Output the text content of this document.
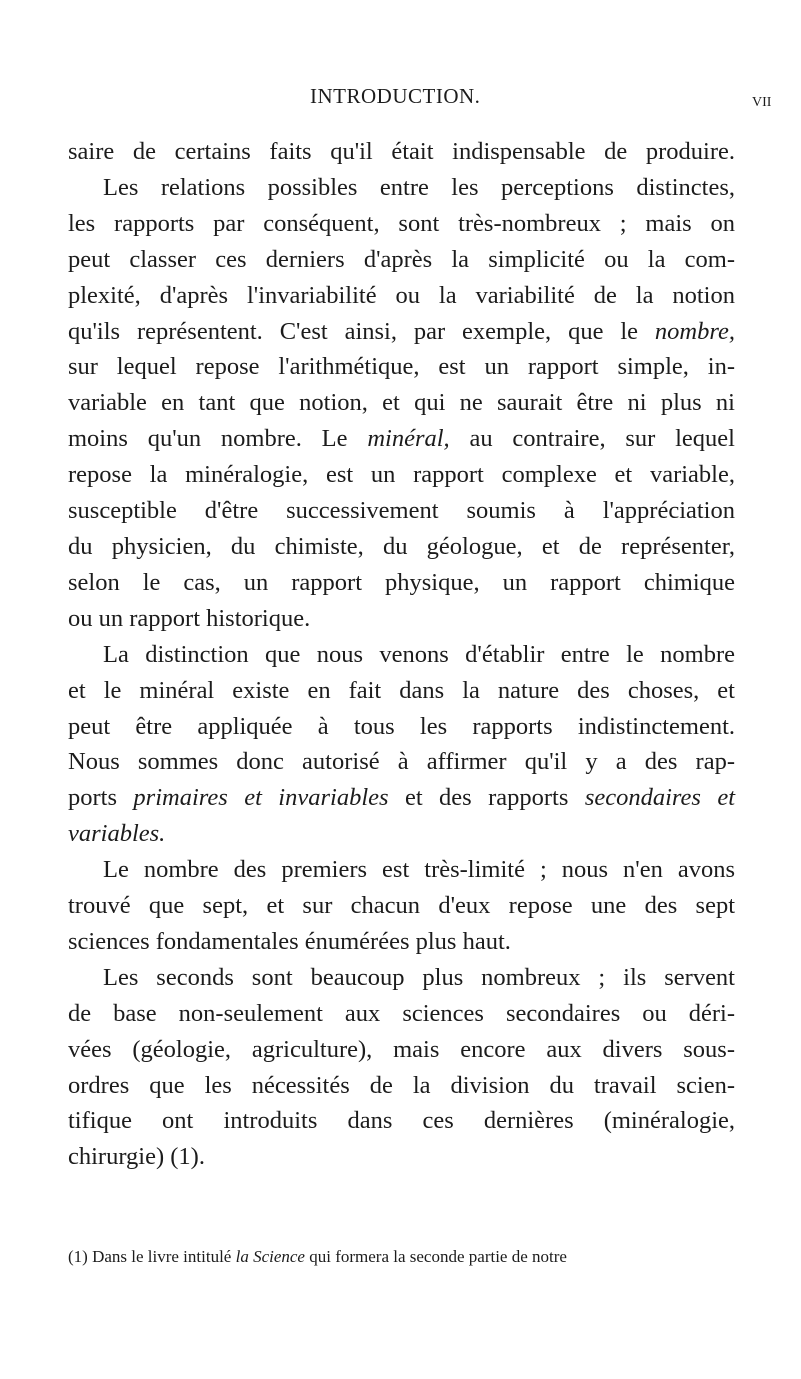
INTRODUCTION.	VII
saire de certains faits qu'il était indispensable de produire.
Les relations possibles entre les perceptions distinctes,
les rapports par conséquent, sont très-nombreux ; mais on
peut classer ces derniers d'après la simplicité ou la com-
plexité, d'après l'invariabilité ou la variabilité de la notion
qu'ils représentent. C'est ainsi, par exemple, que le nombre,
sur lequel repose l'arithmétique, est un rapport simple, in-
variable en tant que notion, et qui ne saurait être ni plus ni
moins qu'un nombre. Le minéral, au contraire, sur lequel
repose la minéralogie, est un rapport complexe et variable,
susceptible d'être successivement soumis à l'appréciation
du physicien, du chimiste, du géologue, et de représenter,
selon le cas, un rapport physique, un rapport chimique
ou un rapport historique.
La distinction que nous venons d'établir entre le nombre
et le minéral existe en fait dans la nature des choses, et
peut être appliquée à tous les rapports indistinctement.
Nous sommes donc autorisé à affirmer qu'il y a des rap-
ports primaires et invariables et des rapports secondaires et
variables.
Le nombre des premiers est très-limité ; nous n'en avons
trouvé que sept, et sur chacun d'eux repose une des sept
sciences fondamentales énumérées plus haut.
Les seconds sont beaucoup plus nombreux ; ils servent
de base non-seulement aux sciences secondaires ou déri-
vées (géologie, agriculture), mais encore aux divers sous-
ordres que les nécessités de la division du travail scien-
tifique ont introduits dans ces dernières (minéralogie,
chirurgie) (1).
(1) Dans le livre intitulé la Science qui formera la seconde partie de notre
